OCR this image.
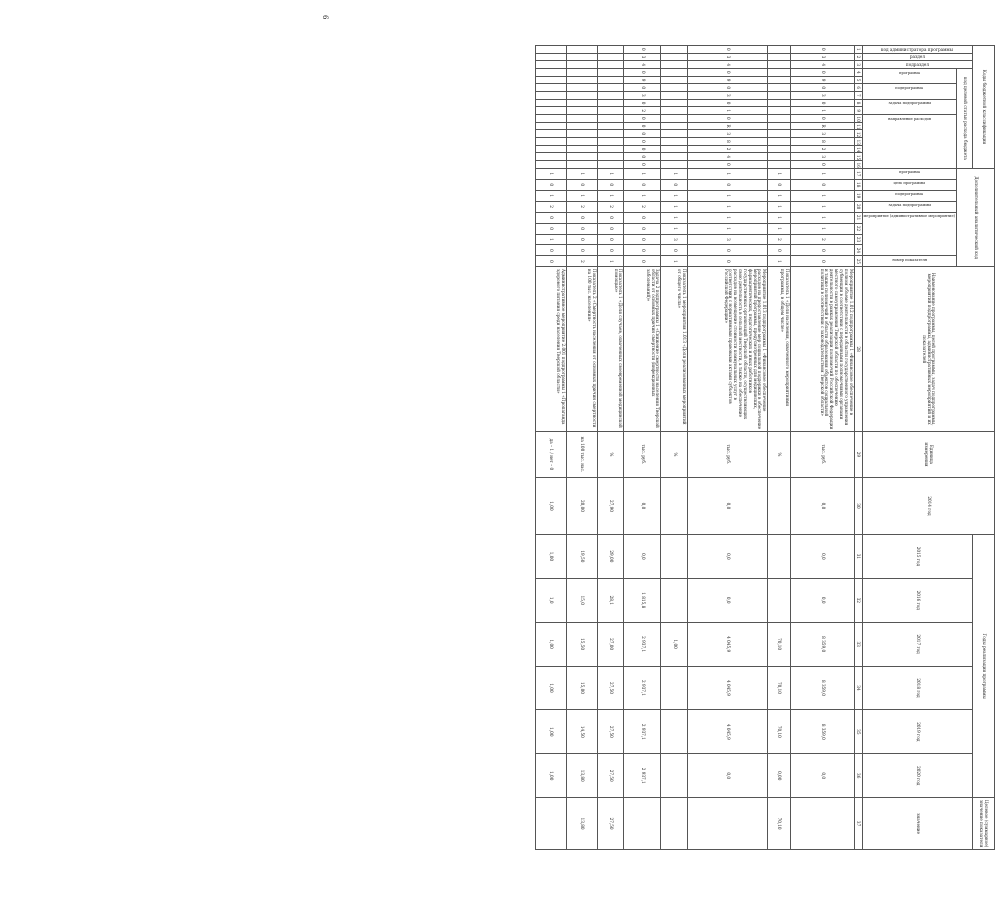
6
Коды бюджетной классификации																Дополнительный аналитический код									Наименование программы, целей программы, задач подпрограммы, мероприятий подпрограммы, административных мероприятий и их показателей	Единица измерения	2014 год	Годы реализации программы						Целевое (суммарное) значение показателя

код администратора программы	раздел	подраздел	код целевой статьи расхода бюджета																									2015 год	2016 год	2017 год	2018 год	2019 год	2020 год	значение

			программа		подпрограмма		задача подпрограммы		направление расходов							программа	цель программы	подпрограмма	задача подпрограммы	мероприятие (административное мероприятие)				номер показателя										

1	2	3	4	5	6	7	8	9	10	11	12	13	14	15	16	17	18	19	20	21	22	23	24	25	28	29	30	31	32	33	34	35	36	37
0	3	4	0	9	0	3	0	1	0	R	3	8	2	3	0	1	0	1	1	1	1	2	0	0	Мероприятие 1.012 подпрограммы 1 «Финансовое обеспечение в полном объеме деятельности в области государственного управления субвенции в соответствии с переданными полномочиями органами местного самоуправления Тверской области по обеспечению деятельности в рамках реализации полномочий Российской Федерации и также полномочий в области образования объектов социальной политики в соответствии с законодательством Тверской области»	тыс. руб.	0,0	0,0	0,0	8 359,0	8 359,0	8 359,0	0,0	
																1	0	1	1	1	1	2	0	1	Показатель 1 «Доля населения, охваченного мероприятиями программы, в общем числе»	%				70,10	70,10	70,10	0,00	70,10
0	3	4	0	9	0	3	0	1	0	R	3	8	2	4	0	1	0	1	1	1	1	3	0	0	Мероприятие 1.013 подпрограммы 1 «Финансовое обеспечение расходов на предоставление мер социальной поддержки в обеспечение мероприятий программы, предусмотренных для медицинских, фармацевтических, педагогических и иных работников государственных организаций Тверской области, осуществляющих свою деятельность в сельской местности, а также на обеспечение расходов на возмещение стоимости коммунальных услуг в соответствии с нормативными правовыми актами субъектов Российской Федерации»	тыс. руб.	0,0	0,0	0,0	4 045,9	4 045,9	4 045,9	0,0	
																1	0	1	1	1	1	3	0	1	Показатель 1 мероприятия 1.013 «Доля реализованных мероприятий от общего числа»	%				1,00				
0	3	4	0	9	0	3	0	2	0	0	0	0	0	0	0	1	0	1	2	0	0	0	0	0	Задача 2 подпрограммы 1 «Снижение смертности населения Тверской области от основных причин смертности (инфекционных заболеваний)»	тыс. руб.	0,0	0,0	1 815,8	2 937,1	2 937,1	2 937,1	2 937,1	
																1	0	1	2	0	0	0	0	1	Показатель 1 «Доля случаев, охваченных своевременной медицинской помощью»	%	27,90	29,00	28,1	27,00	27,50	27,50	27,50	27,50
																1	0	1	2	0	0	0	0	2	Показатель 2 «Смертность населения от основных причин смертности на 100 тыс. населения»	на 100 тыс. нас.	20,00	19,50	15,0	15,50	15,00	14,50	13,80	13,80
																1	0	1	2	0	0	1	0	0	Административное мероприятие 2.001 подпрограммы 1 «Пропаганда здорового питания среди населения Тверской области»	да – 1 / нет – 0	1,00	1,00	1,0	1,00	1,00	1,00	1,00	
